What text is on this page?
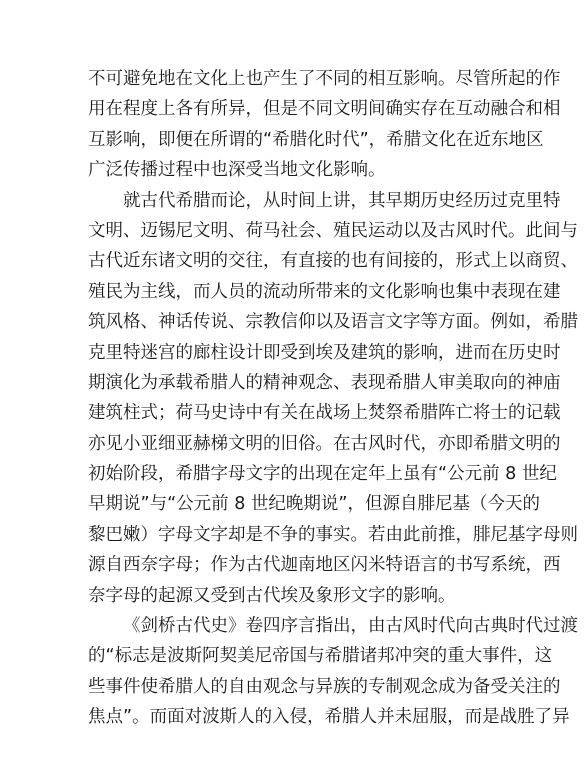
不可避免地在文化上也产生了不同的相互影响。尽管所起的作
用在程度上各有所异，但是不同文明间确实存在互动融合和相
互影响，即便在所谓的“希腊化时代”，希腊文化在近东地区
广泛传播过程中也深受当地文化影响。
就古代希腊而论，从时间上讲，其早期历史经历过克里特
文明、迈锡尼文明、荷马社会、殖民运动以及古风时代。此间与
古代近东诸文明的交往，有直接的也有间接的，形式上以商贸、
殖民为主线，而人员的流动所带来的文化影响也集中表现在建
筑风格、神话传说、宗教信仰以及语言文字等方面。例如，希腊
克里特迷宫的廊柱设计即受到埃及建筑的影响，进而在历史时
期演化为承载希腊人的精神观念、表现希腊人审美取向的神庙
建筑柱式；荷马史诗中有关在战场上焚祭希腊阵亡将士的记载
亦见小亚细亚赫梯文明的旧俗。在古风时代，亦即希腊文明的
初始阶段，希腊字母文字的出现在定年上虽有“公元前 8 世纪
早期说”与“公元前 8 世纪晚期说”，但源自腓尼基（今天的
黎巴嫩）字母文字却是不争的事实。若由此前推，腓尼基字母则
源自西奈字母；作为古代迦南地区闪米特语言的书写系统，西
奈字母的起源又受到古代埃及象形文字的影响。
《剑桥古代史》卷四序言指出，由古风时代向古典时代过渡
的“标志是波斯阿契美尼帝国与希腊诸邦冲突的重大事件，这
些事件使希腊人的自由观念与异族的专制观念成为备受关注的
焦点”。而面对波斯人的入侵，希腊人并未屈服，而是战胜了异
